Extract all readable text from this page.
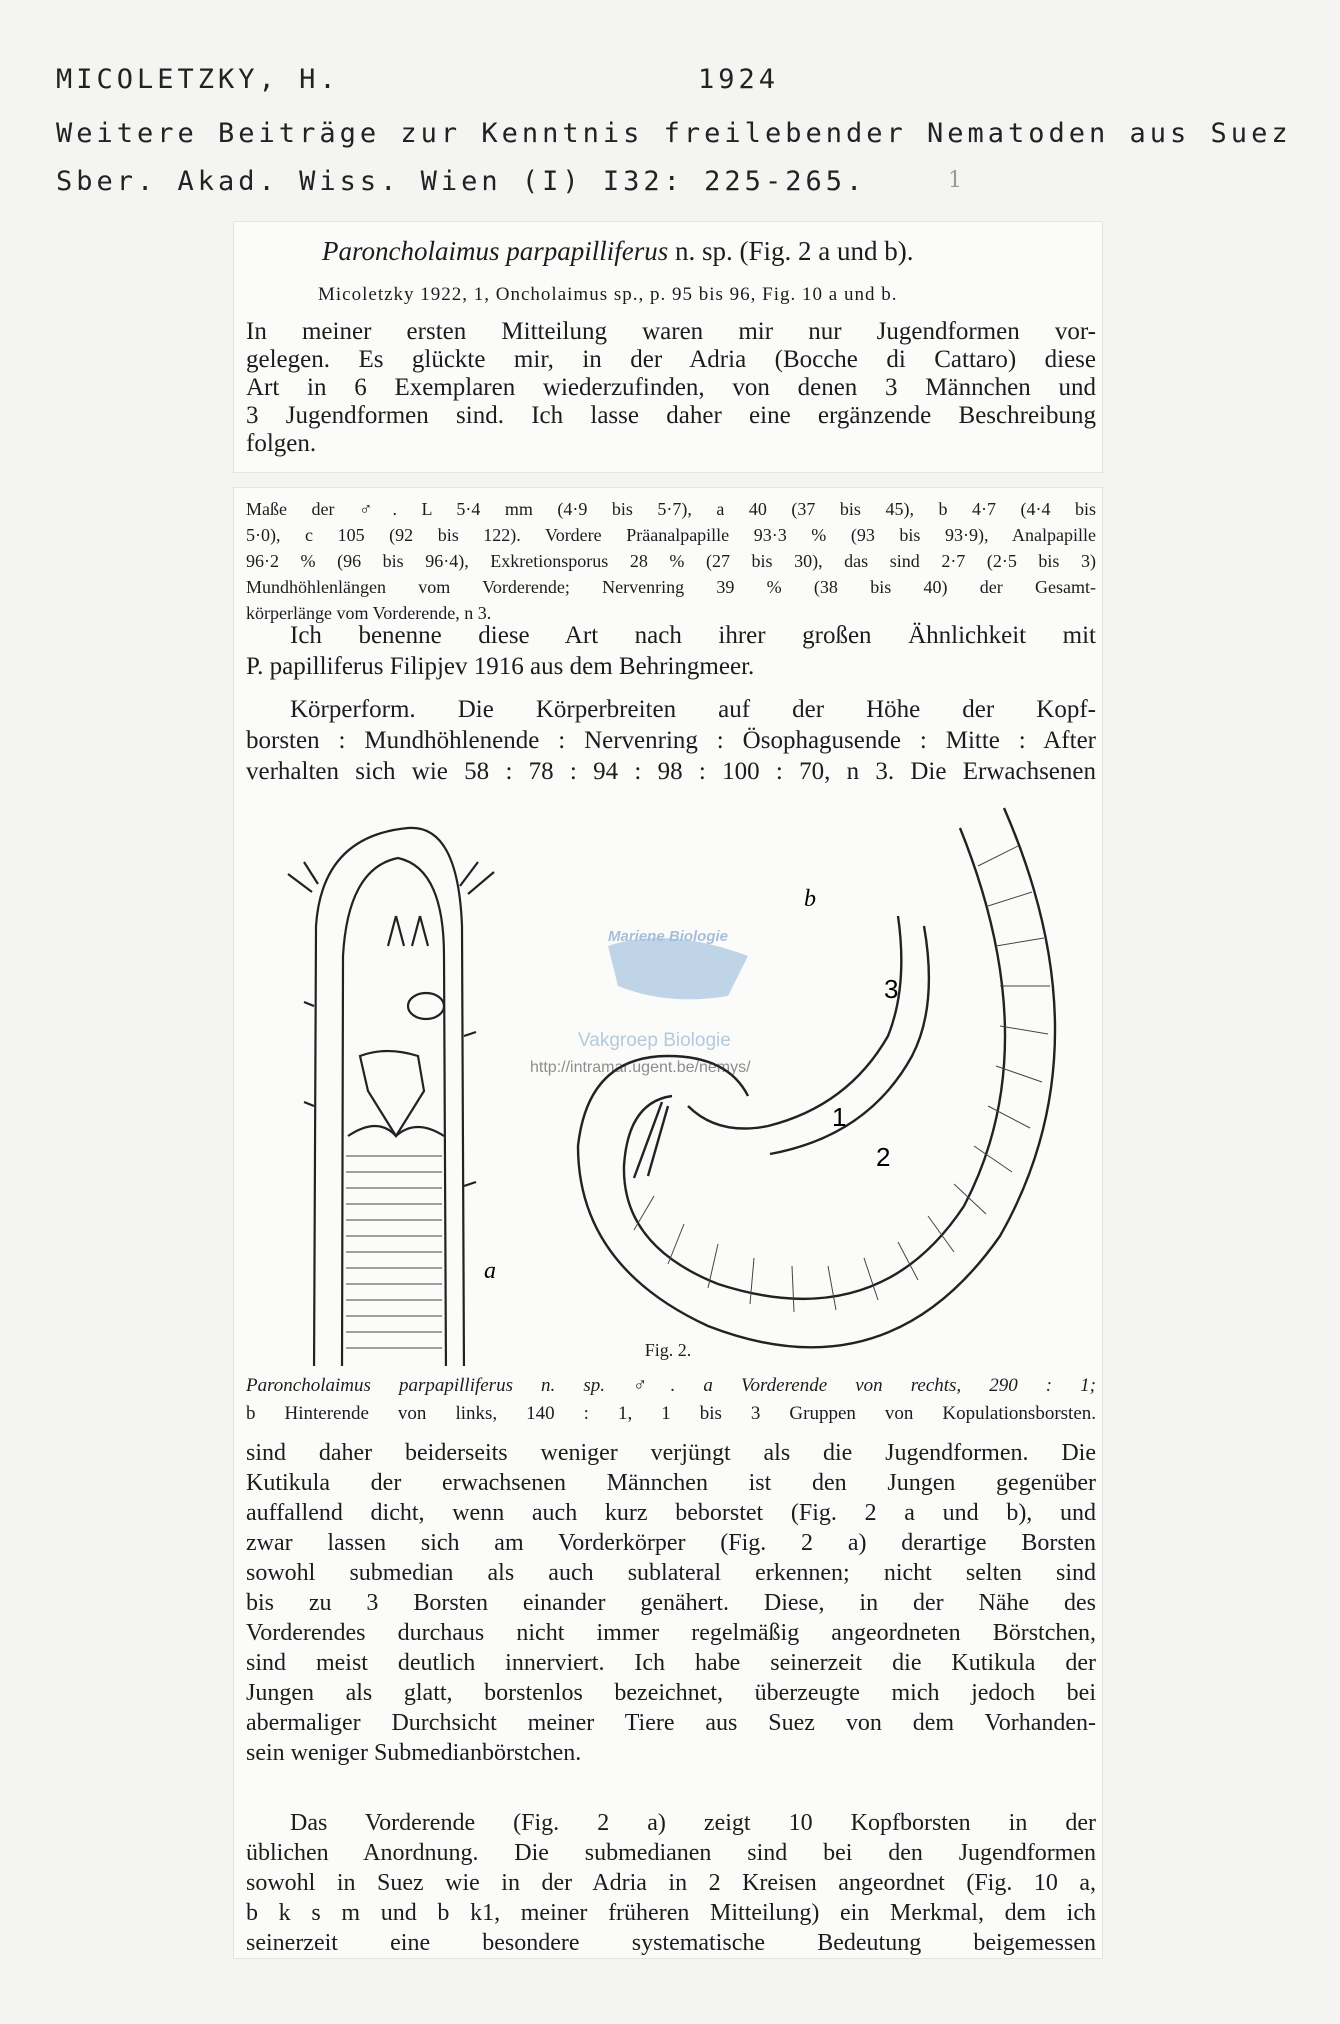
MICOLETZKY, H.	1924
Weitere Beiträge zur Kenntnis freilebender Nematoden aus Suez
Sber. Akad. Wiss. Wien (I) I32: 225-265.	1
Paroncholaimus parpapilliferus n. sp. (Fig. 2 a und b).
Micoletzky 1922, 1, Oncholaimus sp., p. 95 bis 96, Fig. 10 a und b.
In meiner ersten Mitteilung waren mir nur Jugendformen vor-
gelegen. Es glückte mir, in der Adria (Bocche di Cattaro) diese
Art in 6 Exemplaren wiederzufinden, von denen 3 Männchen und
3 Jugendformen sind. Ich lasse daher eine ergänzende Beschreibung
folgen.
Maße der ♂. L 5·4 mm (4·9 bis 5·7), a 40 (37 bis 45), b 4·7 (4·4 bis
5·0), c 105 (92 bis 122). Vordere Präanalpapille 93·3 % (93 bis 93·9), Analpapille
96·2 % (96 bis 96·4), Exkretionsporus 28 % (27 bis 30), das sind 2·7 (2·5 bis 3)
Mundhöhlenlängen vom Vorderende; Nervenring 39 % (38 bis 40) der Gesamt-
körperlänge vom Vorderende, n 3.
Ich benenne diese Art nach ihrer großen Ähnlichkeit mit
P. papilliferus Filipjev 1916 aus dem Behringmeer.
Körperform. Die Körperbreiten auf der Höhe der Kopf-
borsten : Mundhöhlenende : Nervenring : Ösophagusende : Mitte : After
verhalten sich wie 58 : 78 : 94 : 98 : 100 : 70, n 3. Die Erwachsenen
a
b
1
2
3
Mariene Biologie
Vakgroep Biologie
http://intramar.ugent.be/nemys/
Fig. 2.
Paroncholaimus parpapilliferus n. sp. ♂. a Vorderende von rechts, 290 : 1;
b Hinterende von links, 140 : 1, 1 bis 3 Gruppen von Kopulationsborsten.
sind daher beiderseits weniger verjüngt als die Jugendformen. Die
Kutikula der erwachsenen Männchen ist den Jungen gegenüber
auffallend dicht, wenn auch kurz beborstet (Fig. 2 a und b), und
zwar lassen sich am Vorderkörper (Fig. 2 a) derartige Borsten
sowohl submedian als auch sublateral erkennen; nicht selten sind
bis zu 3 Borsten einander genähert. Diese, in der Nähe des
Vorderendes durchaus nicht immer regelmäßig angeordneten Börstchen,
sind meist deutlich innerviert. Ich habe seinerzeit die Kutikula der
Jungen als glatt, borstenlos bezeichnet, überzeugte mich jedoch bei
abermaliger Durchsicht meiner Tiere aus Suez von dem Vorhanden-
sein weniger Submedianbörstchen.
Das Vorderende (Fig. 2 a) zeigt 10 Kopfborsten in der
üblichen Anordnung. Die submedianen sind bei den Jugendformen
sowohl in Suez wie in der Adria in 2 Kreisen angeordnet (Fig. 10 a,
b k s m und b k1, meiner früheren Mitteilung) ein Merkmal, dem ich
seinerzeit eine besondere systematische Bedeutung beigemessen
